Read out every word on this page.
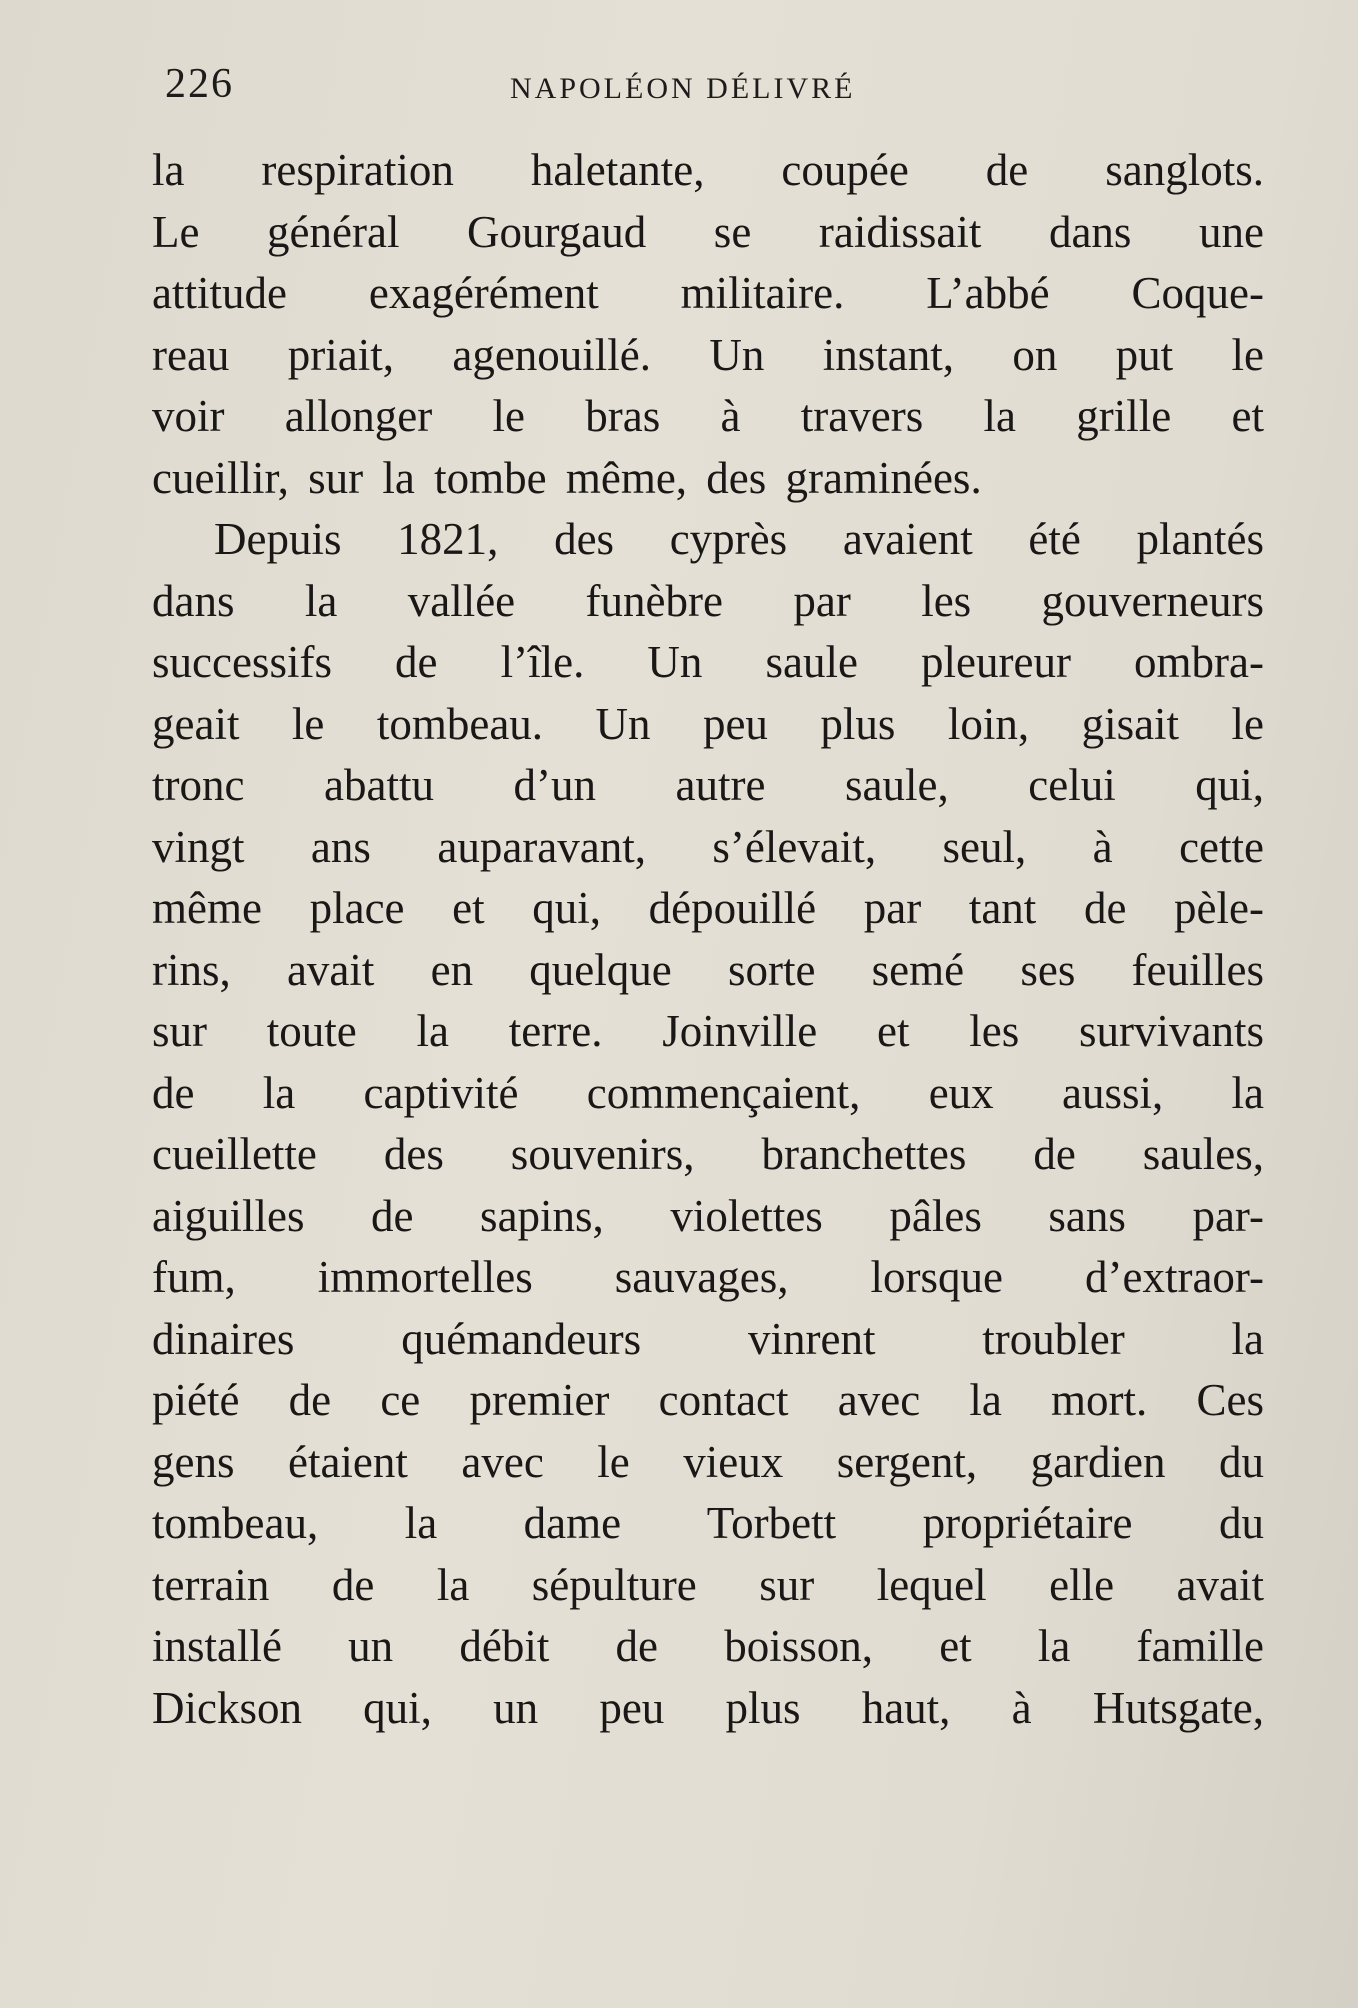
226	NAPOLÉON DÉLIVRÉ
la respiration haletante, coupée de sanglots.
Le général Gourgaud se raidissait dans une
attitude exagérément militaire. L’abbé Coque-
reau priait, agenouillé. Un instant, on put le
voir allonger le bras à travers la grille et
cueillir, sur la tombe même, des graminées.
Depuis 1821, des cyprès avaient été plantés
dans la vallée funèbre par les gouverneurs
successifs de l’île. Un saule pleureur ombra-
geait le tombeau. Un peu plus loin, gisait le
tronc abattu d’un autre saule, celui qui,
vingt ans auparavant, s’élevait, seul, à cette
même place et qui, dépouillé par tant de pèle-
rins, avait en quelque sorte semé ses feuilles
sur toute la terre. Joinville et les survivants
de la captivité commençaient, eux aussi, la
cueillette des souvenirs, branchettes de saules,
aiguilles de sapins, violettes pâles sans par-
fum, immortelles sauvages, lorsque d’extraor-
dinaires quémandeurs vinrent troubler la
piété de ce premier contact avec la mort. Ces
gens étaient avec le vieux sergent, gardien du
tombeau, la dame Torbett propriétaire du
terrain de la sépulture sur lequel elle avait
installé un débit de boisson, et la famille
Dickson qui, un peu plus haut, à Hutsgate,
